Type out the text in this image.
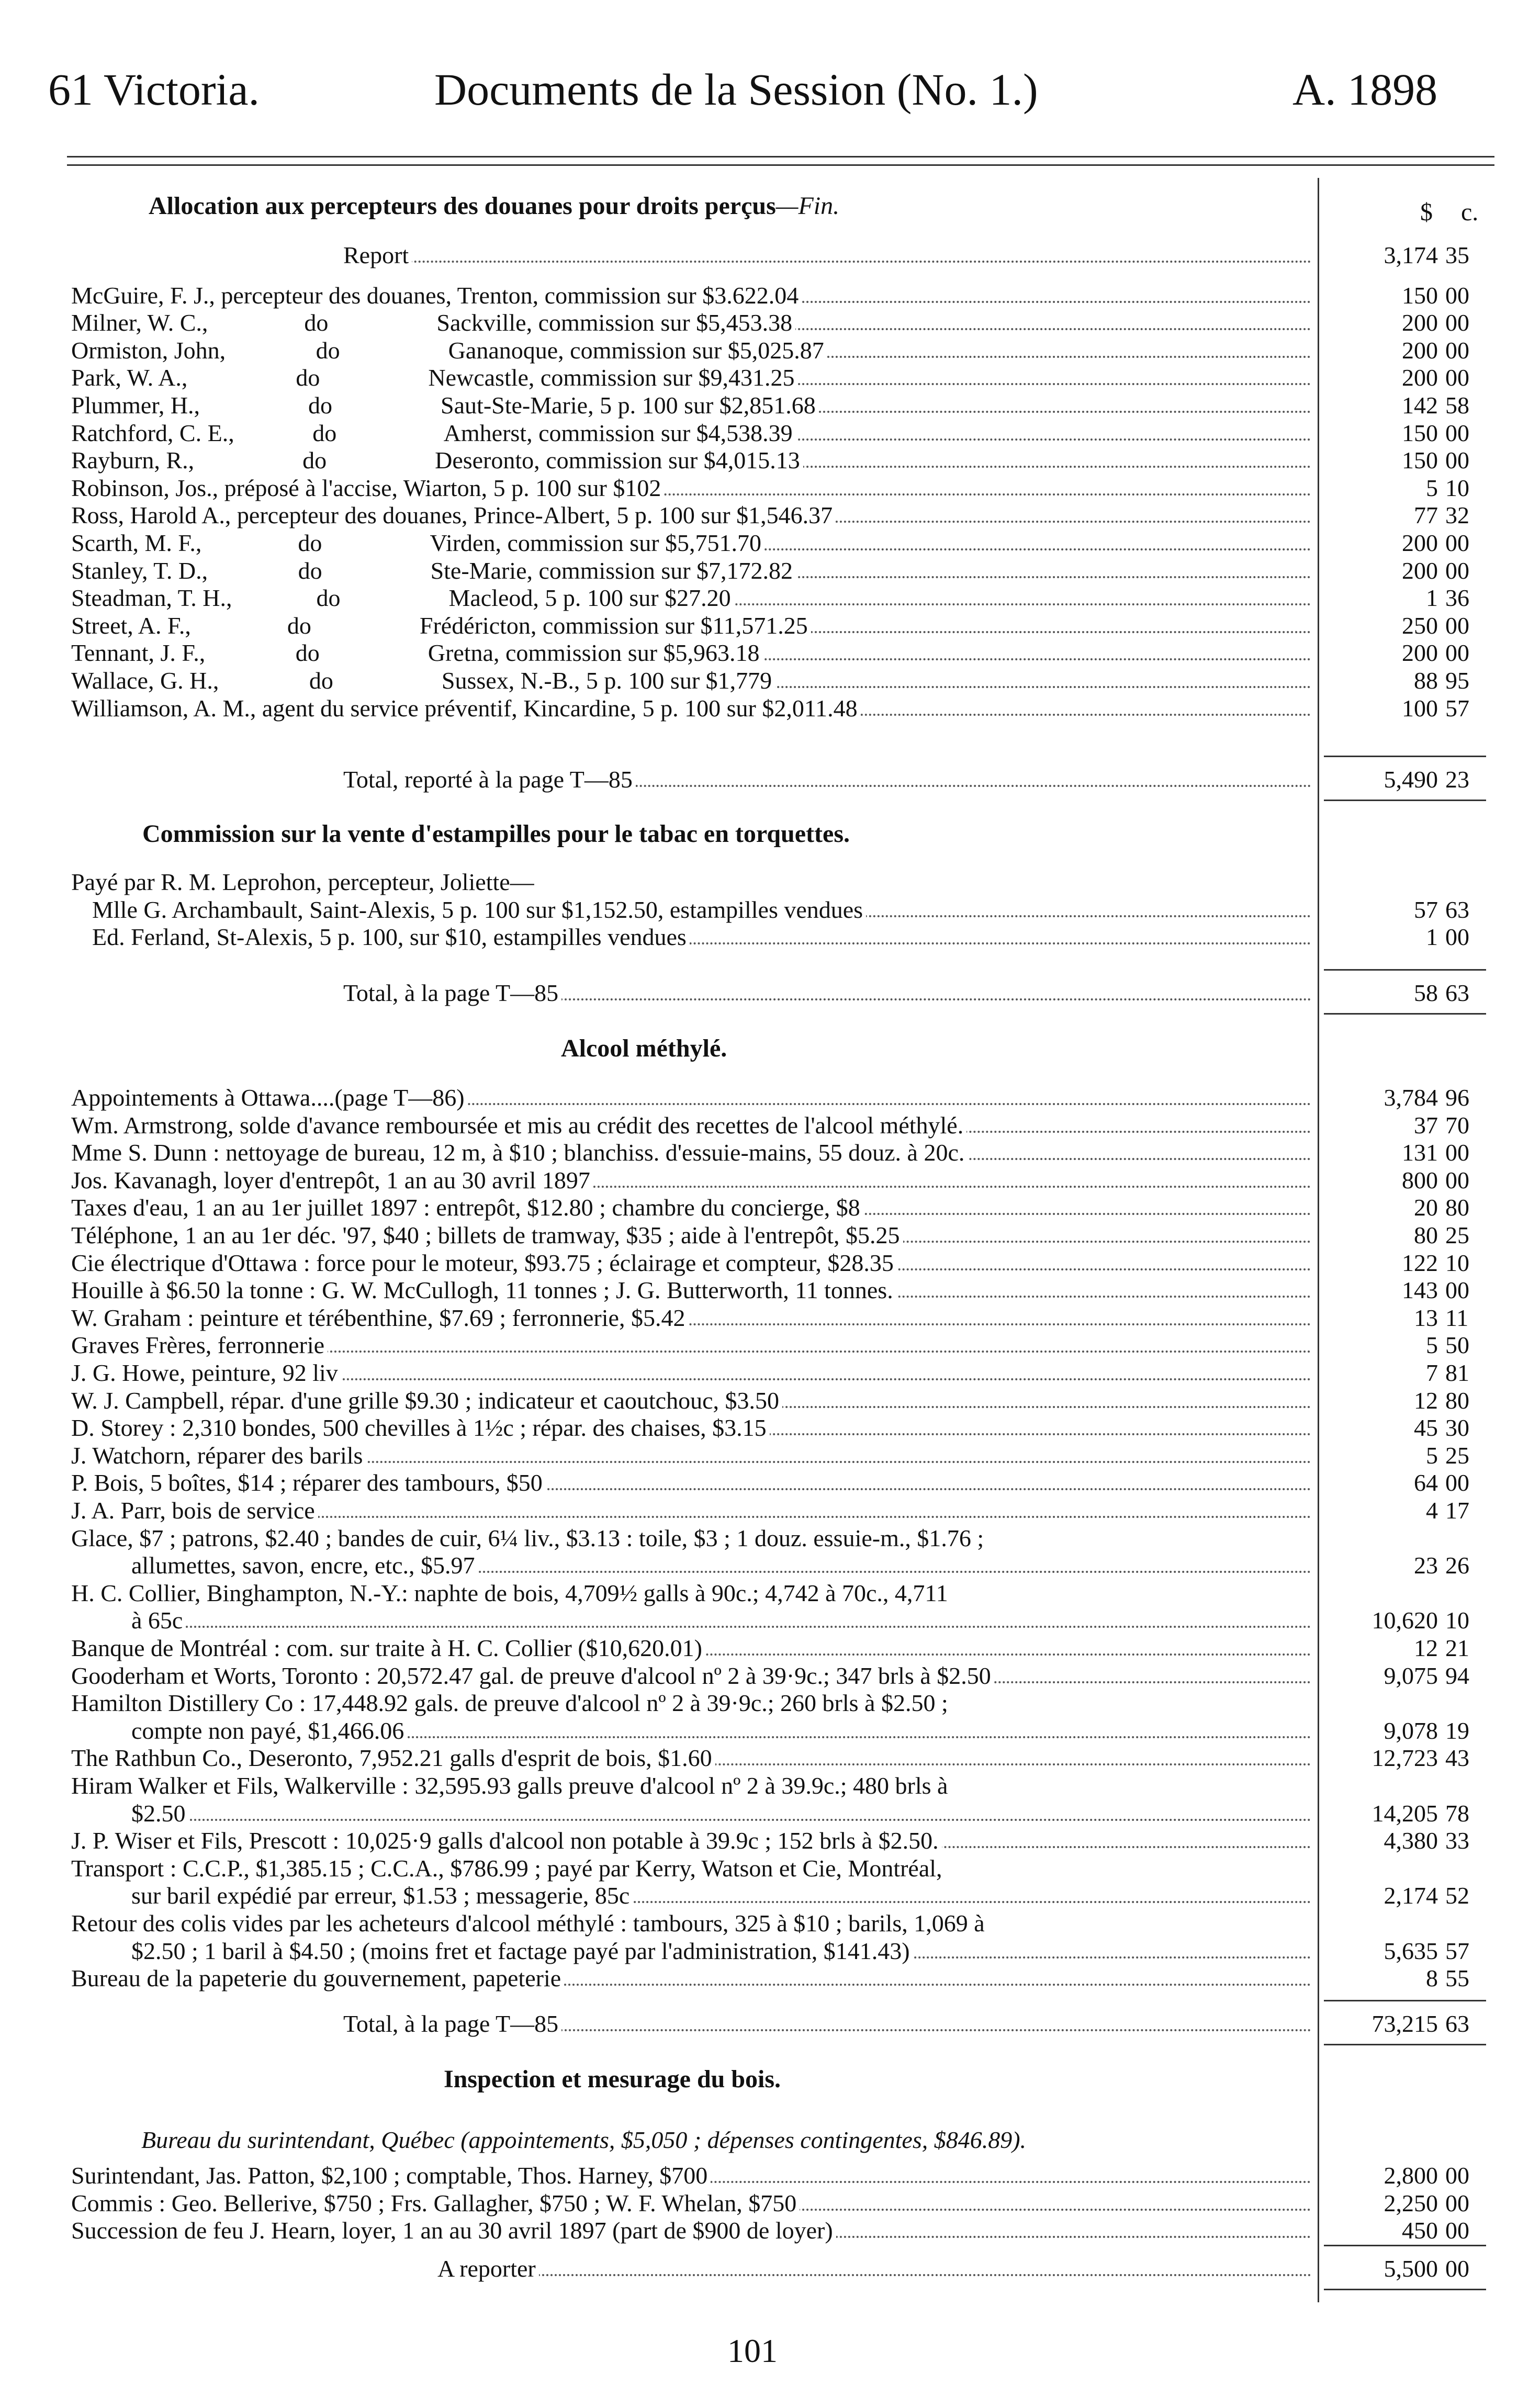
61 Victoria.	Documents de la Session (No. 1.)	A. 1898
$ c.
Allocation aux percepteurs des douanes pour droits perçus—Fin.
Report	3,174 35
McGuire, F. J., percepteur des douanes, Trenton, commission sur $3.622.04	150 00
Milner, W. C.,                do                  Sackville, commission sur $5,453.38	200 00
Ormiston, John,               do                  Gananoque, commission sur $5,025.87	200 00
Park, W. A.,                  do                  Newcastle, commission sur $9,431.25	200 00
Plummer, H.,                  do                  Saut-Ste-Marie, 5 p. 100 sur $2,851.68	142 58
Ratchford, C. E.,             do                  Amherst, commission sur $4,538.39	150 00
Rayburn, R.,                  do                  Deseronto, commission sur $4,015.13	150 00
Robinson, Jos., préposé à l'accise, Wiarton, 5 p. 100 sur $102	5 10
Ross, Harold A., percepteur des douanes, Prince-Albert, 5 p. 100 sur $1,546.37	77 32
Scarth, M. F.,                do                  Virden, commission sur $5,751.70	200 00
Stanley, T. D.,               do                  Ste-Marie, commission sur $7,172.82	200 00
Steadman, T. H.,              do                  Macleod, 5 p. 100 sur $27.20	1 36
Street, A. F.,                do                  Frédéricton, commission sur $11,571.25	250 00
Tennant, J. F.,               do                  Gretna, commission sur $5,963.18	200 00
Wallace, G. H.,               do                  Sussex, N.-B., 5 p. 100 sur $1,779	88 95
Williamson, A. M., agent du service préventif, Kincardine, 5 p. 100 sur $2,011.48	100 57
Total, reporté à la page T—85	5,490 23
Commission sur la vente d'estampilles pour le tabac en torquettes.
Payé par R. M. Leprohon, percepteur, Joliette—
Mlle G. Archambault, Saint-Alexis, 5 p. 100 sur $1,152.50, estampilles vendues	57 63
Ed. Ferland, St-Alexis, 5 p. 100, sur $10, estampilles vendues	1 00
Total, à la page T—85	58 63
Alcool méthylé.
Appointements à Ottawa....(page T—86)	3,784 96
Wm. Armstrong, solde d'avance remboursée et mis au crédit des recettes de l'alcool méthylé.	37 70
Mme S. Dunn : nettoyage de bureau, 12 m, à $10 ; blanchiss. d'essuie-mains, 55 douz. à 20c.	131 00
Jos. Kavanagh, loyer d'entrepôt, 1 an au 30 avril 1897	800 00
Taxes d'eau, 1 an au 1er juillet 1897 : entrepôt, $12.80 ; chambre du concierge, $8	20 80
Téléphone, 1 an au 1er déc. '97, $40 ; billets de tramway, $35 ; aide à l'entrepôt, $5.25	80 25
Cie électrique d'Ottawa : force pour le moteur, $93.75 ; éclairage et compteur, $28.35	122 10
Houille à $6.50 la tonne : G. W. McCullogh, 11 tonnes ; J. G. Butterworth, 11 tonnes.	143 00
W. Graham : peinture et térébenthine, $7.69 ; ferronnerie, $5.42	13 11
Graves Frères, ferronnerie	5 50
J. G. Howe, peinture, 92 liv	7 81
W. J. Campbell, répar. d'une grille $9.30 ; indicateur et caoutchouc, $3.50	12 80
D. Storey : 2,310 bondes, 500 chevilles à 1½c ; répar. des chaises, $3.15	45 30
J. Watchorn, réparer des barils	5 25
P. Bois, 5 boîtes, $14 ; réparer des tambours, $50	64 00
J. A. Parr, bois de service	4 17
Glace, $7 ; patrons, $2.40 ; bandes de cuir, 6¼ liv., $3.13 : toile, $3 ; 1 douz. essuie-m., $1.76 ;
allumettes, savon, encre, etc., $5.97	23 26
H. C. Collier, Binghampton, N.-Y.: naphte de bois, 4,709½ galls à 90c.; 4,742 à 70c., 4,711
à 65c	10,620 10
Banque de Montréal : com. sur traite à H. C. Collier ($10,620.01)	12 21
Gooderham et Worts, Toronto : 20,572.47 gal. de preuve d'alcool nº 2 à 39·9c.; 347 brls à $2.50	9,075 94
Hamilton Distillery Co : 17,448.92 gals. de preuve d'alcool nº 2 à 39·9c.; 260 brls à $2.50 ;
compte non payé, $1,466.06	9,078 19
The Rathbun Co., Deseronto, 7,952.21 galls d'esprit de bois, $1.60	12,723 43
Hiram Walker et Fils, Walkerville : 32,595.93 galls preuve d'alcool nº 2 à 39.9c.; 480 brls à
$2.50	14,205 78
J. P. Wiser et Fils, Prescott : 10,025·9 galls d'alcool non potable à 39.9c ; 152 brls à $2.50.	4,380 33
Transport : C.C.P., $1,385.15 ; C.C.A., $786.99 ; payé par Kerry, Watson et Cie, Montréal,
sur baril expédié par erreur, $1.53 ; messagerie, 85c	2,174 52
Retour des colis vides par les acheteurs d'alcool méthylé : tambours, 325 à $10 ; barils, 1,069 à
$2.50 ; 1 baril à $4.50 ; (moins fret et factage payé par l'administration, $141.43)	5,635 57
Bureau de la papeterie du gouvernement, papeterie	8 55
Total, à la page T—85	73,215 63
Inspection et mesurage du bois.
Bureau du surintendant, Québec (appointements, $5,050 ; dépenses contingentes, $846.89).
Surintendant, Jas. Patton, $2,100 ; comptable, Thos. Harney, $700	2,800 00
Commis : Geo. Bellerive, $750 ; Frs. Gallagher, $750 ; W. F. Whelan, $750	2,250 00
Succession de feu J. Hearn, loyer, 1 an au 30 avril 1897 (part de $900 de loyer)	450 00
A reporter	5,500 00
101
